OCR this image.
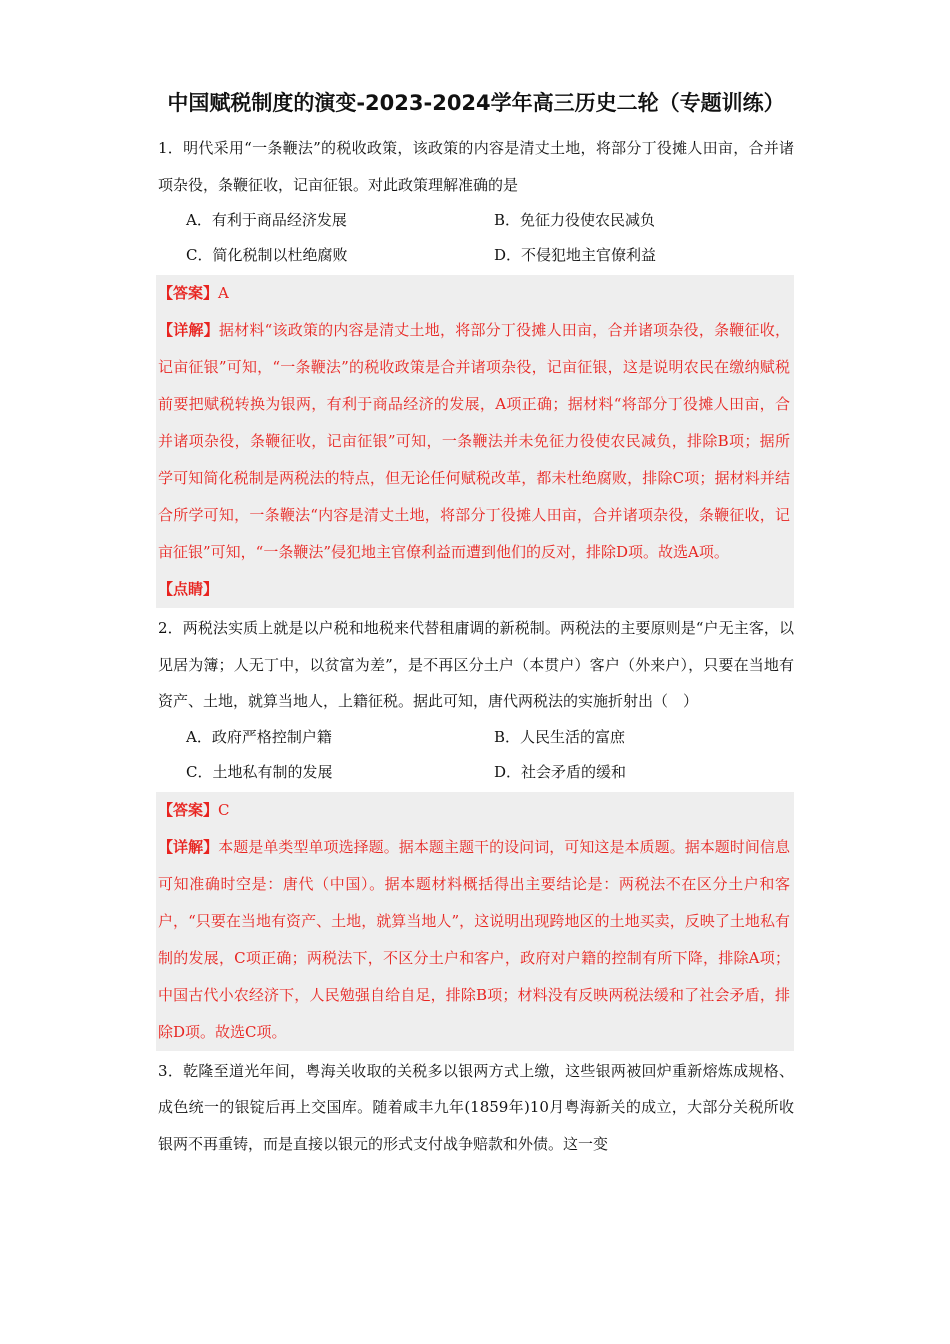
中国赋税制度的演变-2023-2024学年高三历史二轮（专题训练）

1．明代采用“一条鞭法”的税收政策，该政策的内容是清丈土地，将部分丁役摊人田亩，合并诸项杂役，条鞭征收，记亩征银。对此政策理解准确的是

A．有利于商品经济发展	B．免征力役使农民减负
C．简化税制以杜绝腐败	D．不侵犯地主官僚利益

【答案】A

【详解】据材料“该政策的内容是清丈土地，将部分丁役摊人田亩，合并诸项杂役，条鞭征收，记亩征银”可知，“一条鞭法”的税收政策是合并诸项杂役，记亩征银，这是说明农民在缴纳赋税前要把赋税转换为银两，有利于商品经济的发展，A项正确；据材料“将部分丁役摊人田亩，合并诸项杂役，条鞭征收，记亩征银”可知，一条鞭法并未免征力役使农民减负，排除B项；据所学可知简化税制是两税法的特点，但无论任何赋税改革，都未杜绝腐败，排除C项；据材料并结合所学可知，一条鞭法“内容是清丈土地，将部分丁役摊人田亩，合并诸项杂役，条鞭征收，记亩征银”可知，“一条鞭法”侵犯地主官僚利益而遭到他们的反对，排除D项。故选A项。

【点睛】

2．两税法实质上就是以户税和地税来代替租庸调的新税制。两税法的主要原则是“户无主客，以见居为簿；人无丁中，以贫富为差”，是不再区分土户（本贯户）客户（外来户），只要在当地有资产、土地，就算当地人，上籍征税。据此可知，唐代两税法的实施折射出（　）

A．政府严格控制户籍	B．人民生活的富庶
C．土地私有制的发展	D．社会矛盾的缓和

【答案】C

【详解】本题是单类型单项选择题。据本题主题干的设问词，可知这是本质题。据本题时间信息可知准确时空是：唐代（中国）。据本题材料概括得出主要结论是：两税法不在区分土户和客户，“只要在当地有资产、土地，就算当地人”，这说明出现跨地区的土地买卖，反映了土地私有制的发展，C项正确；两税法下，不区分土户和客户，政府对户籍的控制有所下降，排除A项；中国古代小农经济下，人民勉强自给自足，排除B项；材料没有反映两税法缓和了社会矛盾，排除D项。故选C项。

3．乾隆至道光年间，粤海关收取的关税多以银两方式上缴，这些银两被回炉重新熔炼成规格、成色统一的银锭后再上交国库。随着咸丰九年(1859年)10月粤海新关的成立，大部分关税所收银两不再重铸，而是直接以银元的形式支付战争赔款和外债。这一变
